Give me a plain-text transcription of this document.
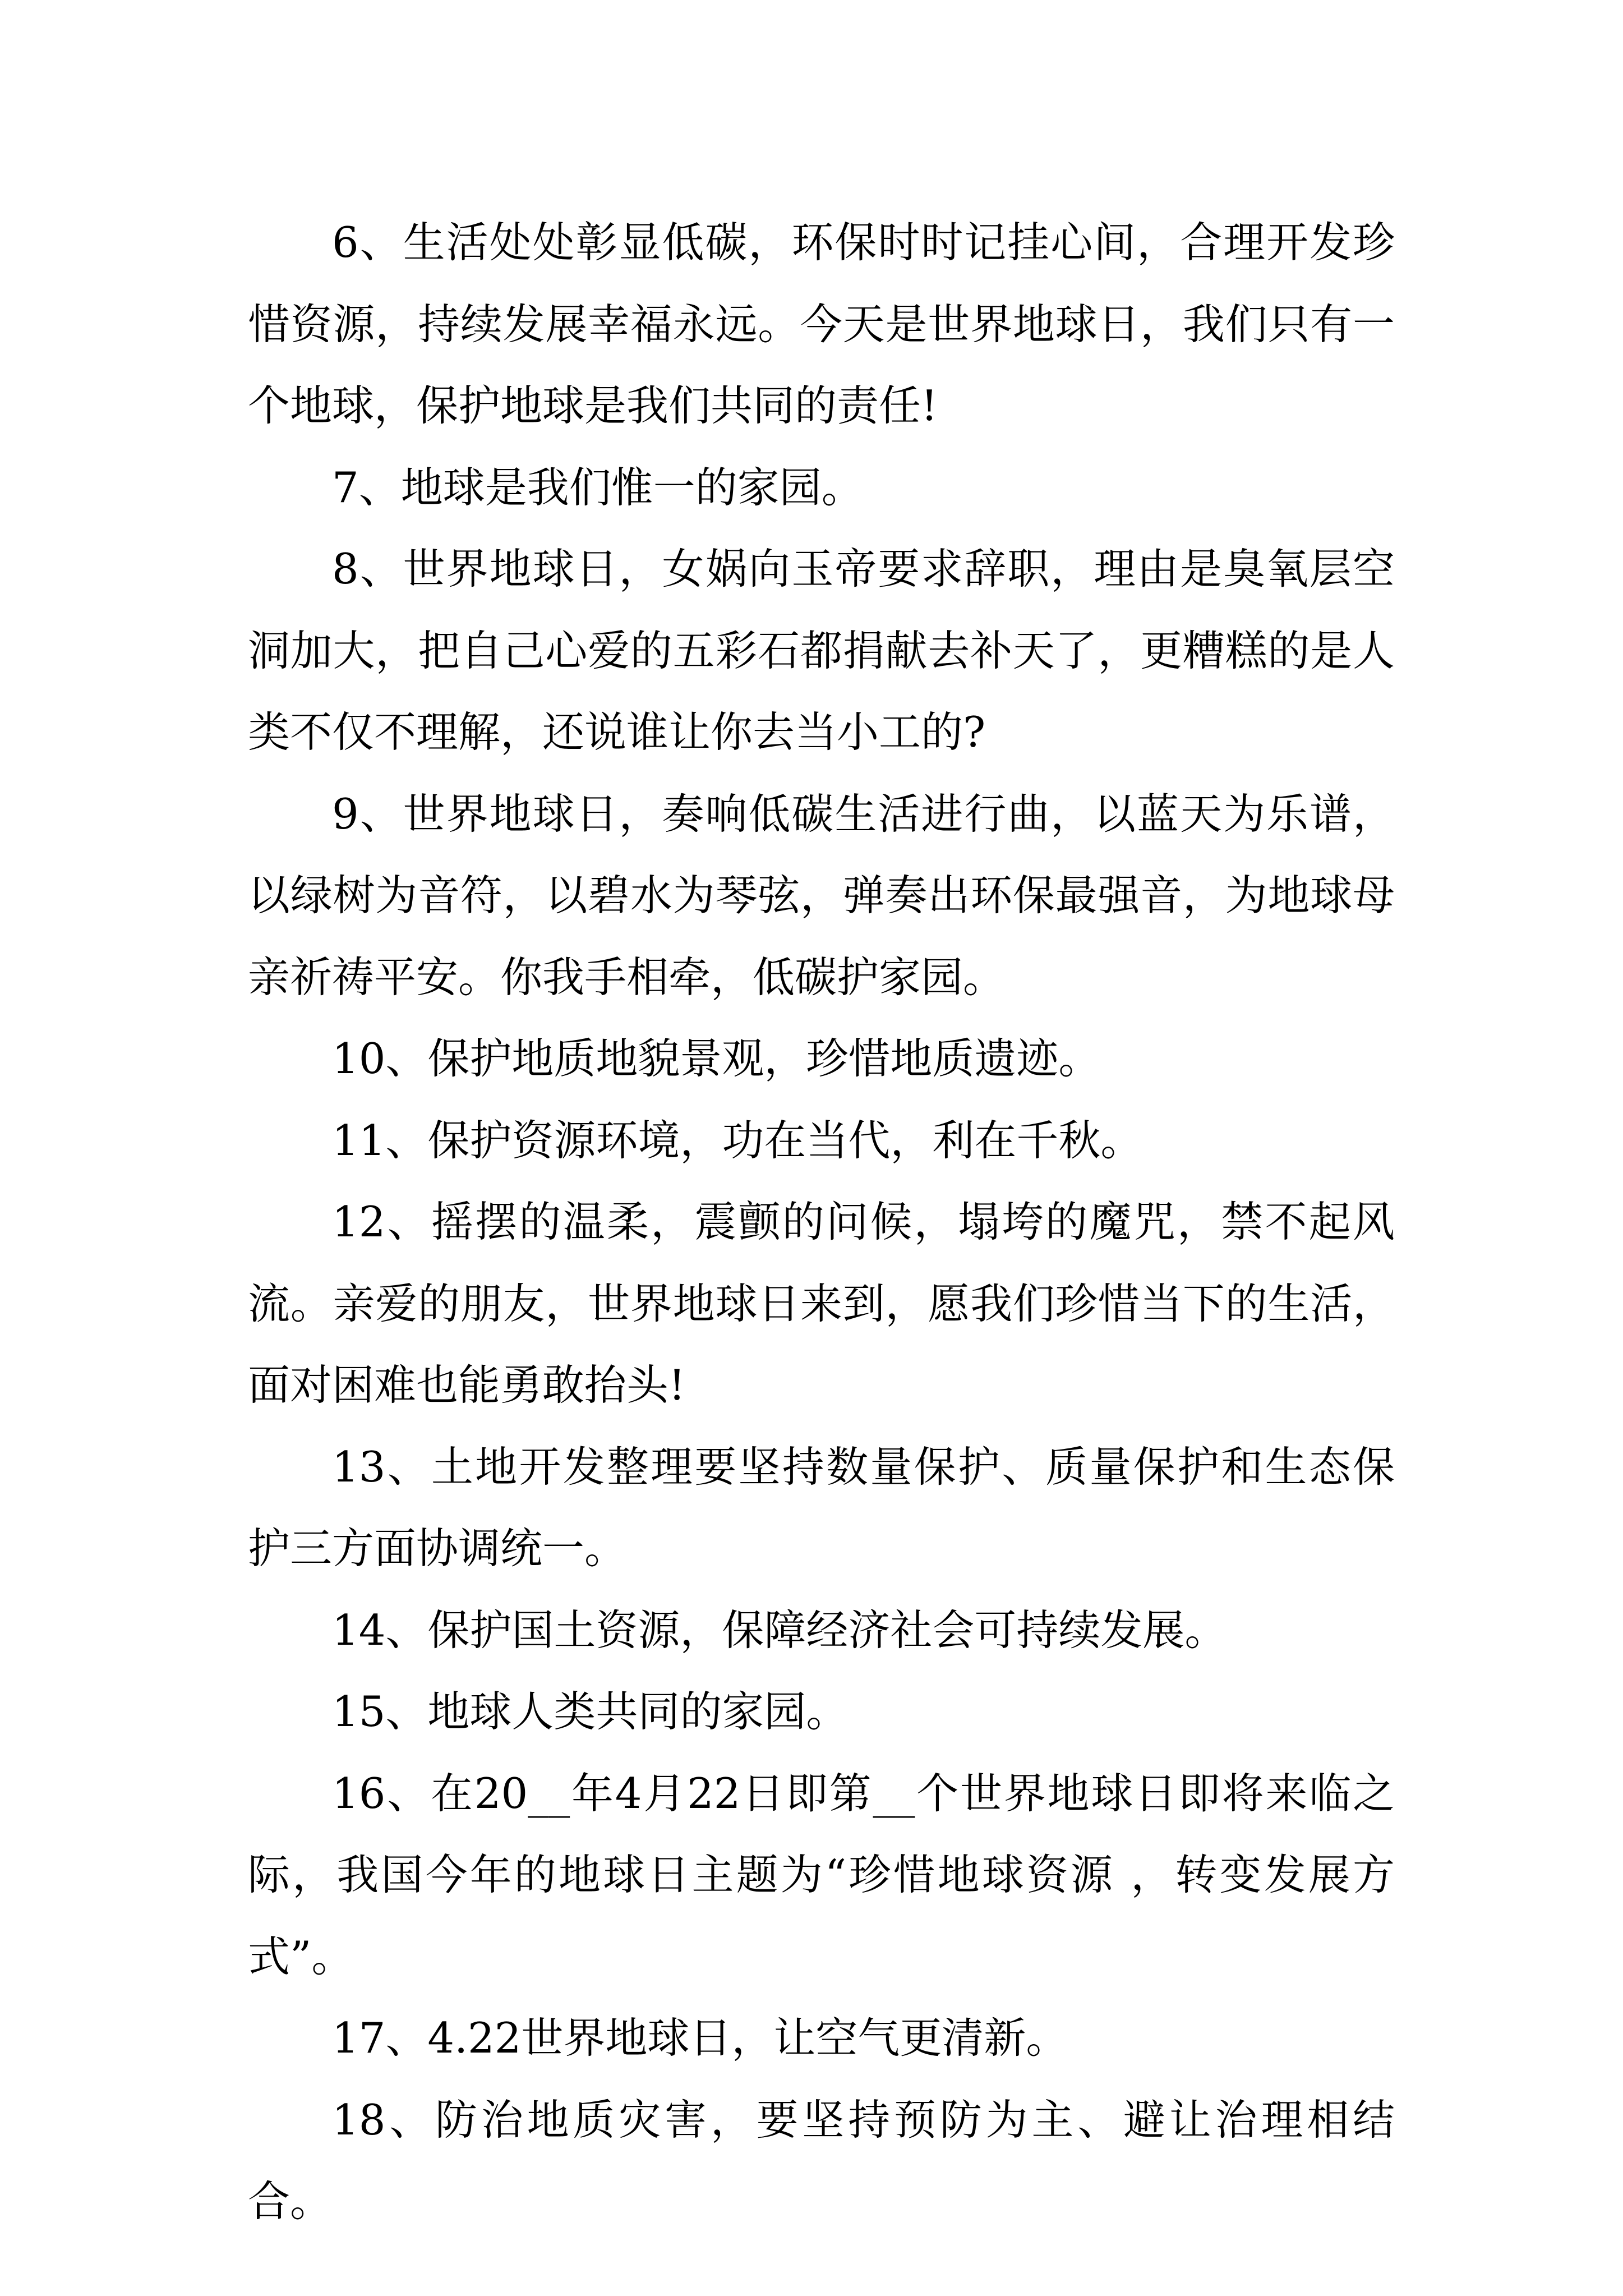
6、生活处处彰显低碳，环保时时记挂心间，合理开发珍惜资源，持续发展幸福永远。今天是世界地球日，我们只有一个地球，保护地球是我们共同的责任!

7、地球是我们惟一的家园。

8、世界地球日，女娲向玉帝要求辞职，理由是臭氧层空洞加大，把自己心爱的五彩石都捐献去补天了，更糟糕的是人类不仅不理解，还说谁让你去当小工的?

9、世界地球日，奏响低碳生活进行曲，以蓝天为乐谱，以绿树为音符，以碧水为琴弦，弹奏出环保最强音，为地球母亲祈祷平安。你我手相牵，低碳护家园。

10、保护地质地貌景观，珍惜地质遗迹。

11、保护资源环境，功在当代，利在千秋。

12、摇摆的温柔，震颤的问候，塌垮的魔咒，禁不起风流。亲爱的朋友，世界地球日来到，愿我们珍惜当下的生活，面对困难也能勇敢抬头!

13、土地开发整理要坚持数量保护、质量保护和生态保护三方面协调统一。

14、保护国土资源，保障经济社会可持续发展。

15、地球人类共同的家园。

16、在20__年4月22日即第__个世界地球日即将来临之际，我国今年的地球日主题为“珍惜地球资源 ，转变发展方式”。

17、4.22世界地球日，让空气更清新。

18、防治地质灾害，要坚持预防为主、避让治理相结合。
